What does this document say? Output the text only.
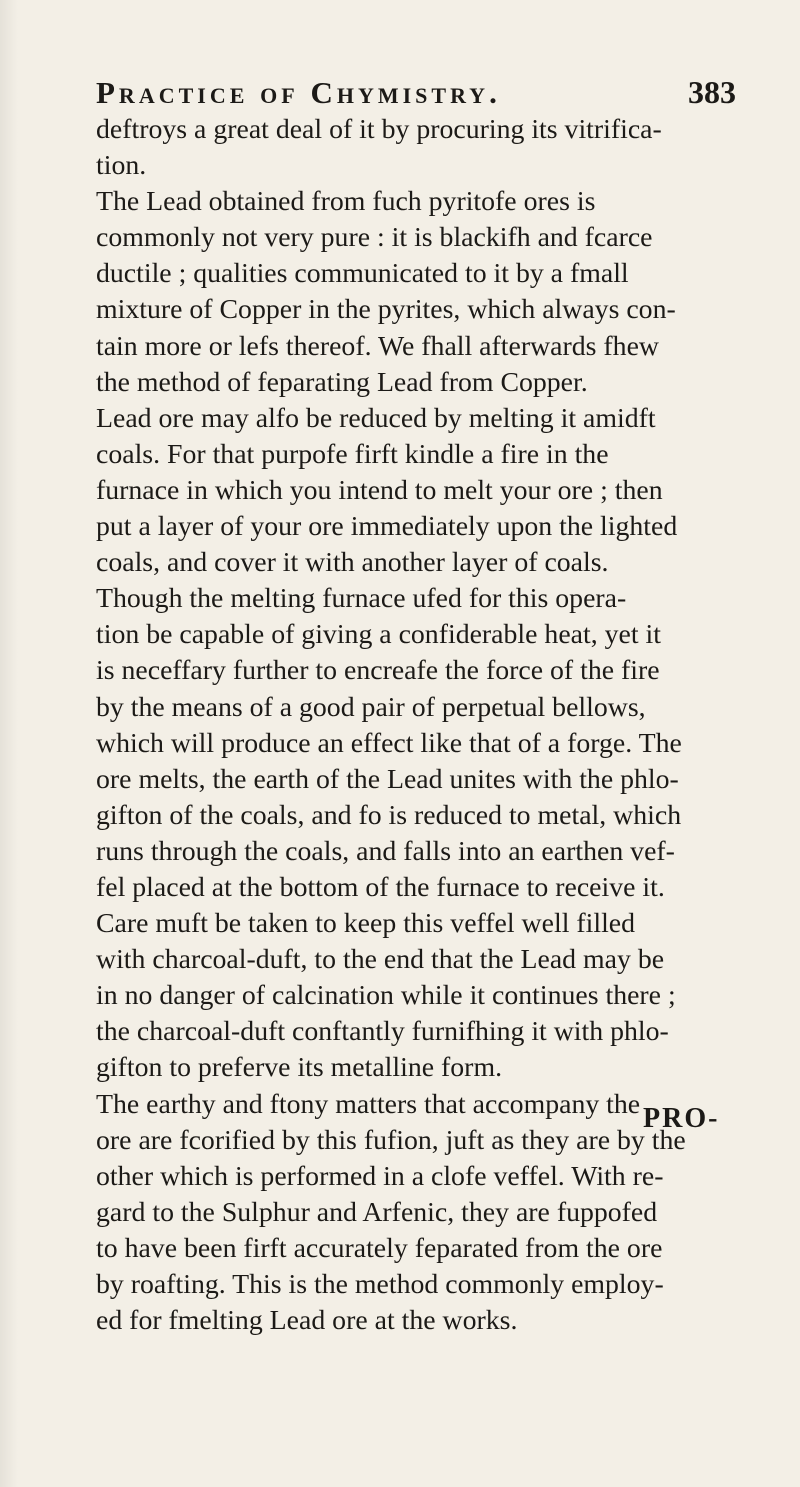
Practice of Chymistry.	383
deftroys a great deal of it by procuring its vitrifica-
tion.
The Lead obtained from fuch pyritofe ores is
commonly not very pure : it is blackifh and fcarce
ductile ; qualities communicated to it by a fmall
mixture of Copper in the pyrites, which always con-
tain more or lefs thereof. We fhall afterwards fhew
the method of feparating Lead from Copper.
Lead ore may alfo be reduced by melting it amidft
coals. For that purpofe firft kindle a fire in the
furnace in which you intend to melt your ore ; then
put a layer of your ore immediately upon the lighted
coals, and cover it with another layer of coals.
Though the melting furnace ufed for this opera-
tion be capable of giving a confiderable heat, yet it
is neceffary further to encreafe the force of the fire
by the means of a good pair of perpetual bellows,
which will produce an effect like that of a forge. The
ore melts, the earth of the Lead unites with the phlo-
gifton of the coals, and fo is reduced to metal, which
runs through the coals, and falls into an earthen vef-
fel placed at the bottom of the furnace to receive it.
Care muft be taken to keep this veffel well filled
with charcoal-duft, to the end that the Lead may be
in no danger of calcination while it continues there ;
the charcoal-duft conftantly furnifhing it with phlo-
gifton to preferve its metalline form.
The earthy and ftony matters that accompany the
ore are fcorified by this fufion, juft as they are by the
other which is performed in a clofe veffel. With re-
gard to the Sulphur and Arfenic, they are fuppofed
to have been firft accurately feparated from the ore
by roafting. This is the method commonly employ-
ed for fmelting Lead ore at the works.
PRO-
